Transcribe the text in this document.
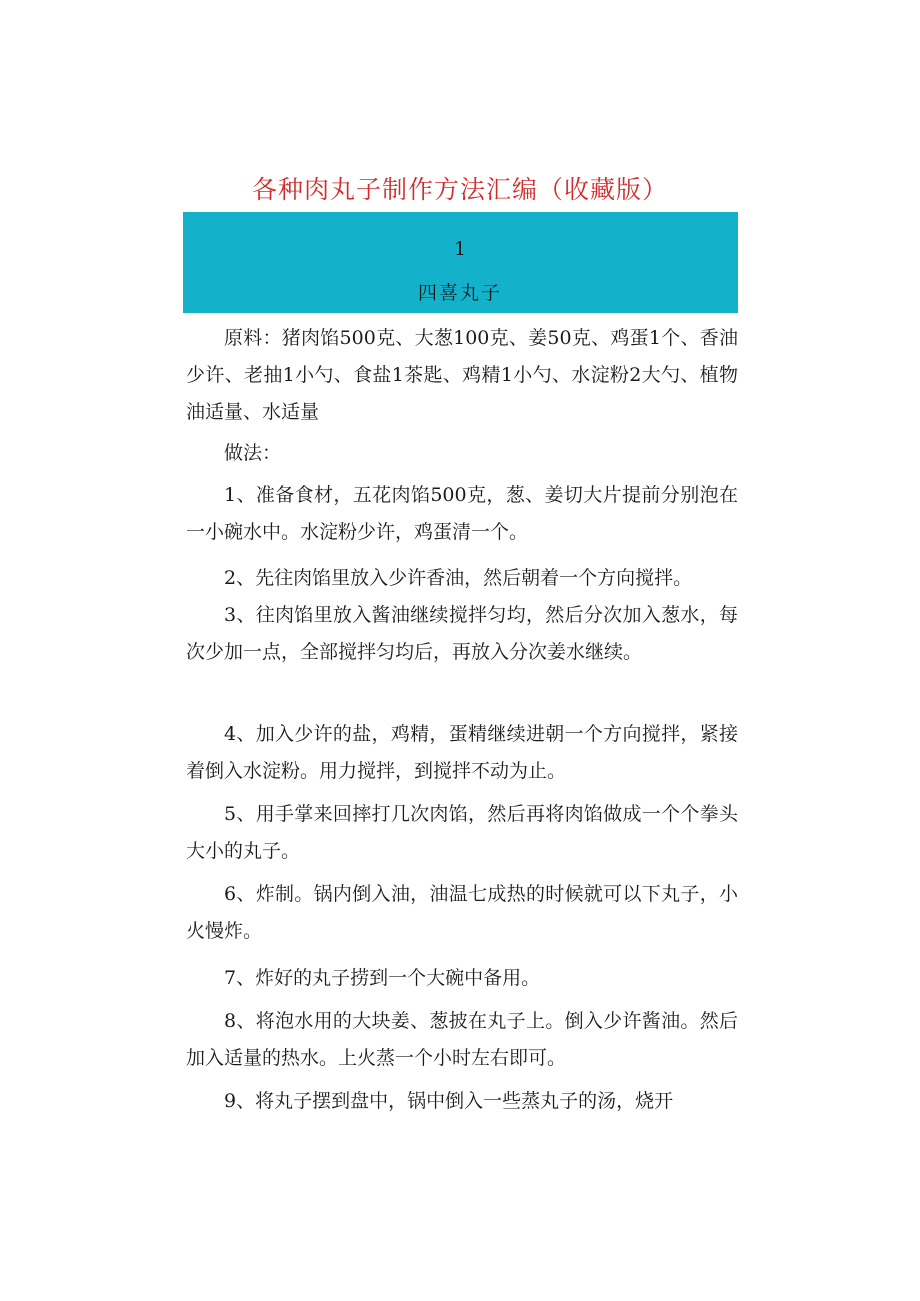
各种肉丸子制作方法汇编（收藏版）
1
四喜丸子

原料：猪肉馅500克、大葱100克、姜50克、鸡蛋1个、香油少许、老抽1小勺、食盐1茶匙、鸡精1小勺、水淀粉2大勺、植物油适量、水适量

做法：

1、准备食材，五花肉馅500克，葱、姜切大片提前分别泡在一小碗水中。水淀粉少许，鸡蛋清一个。

2、先往肉馅里放入少许香油，然后朝着一个方向搅拌。

3、往肉馅里放入酱油继续搅拌匀均，然后分次加入葱水，每次少加一点，全部搅拌匀均后，再放入分次姜水继续。

4、加入少许的盐，鸡精，蛋精继续进朝一个方向搅拌，紧接着倒入水淀粉。用力搅拌，到搅拌不动为止。

5、用手掌来回摔打几次肉馅，然后再将肉馅做成一个个拳头大小的丸子。

6、炸制。锅内倒入油，油温七成热的时候就可以下丸子，小火慢炸。

7、炸好的丸子捞到一个大碗中备用。

8、将泡水用的大块姜、葱披在丸子上。倒入少许酱油。然后加入适量的热水。上火蒸一个小时左右即可。

9、将丸子摆到盘中，锅中倒入一些蒸丸子的汤，烧开
